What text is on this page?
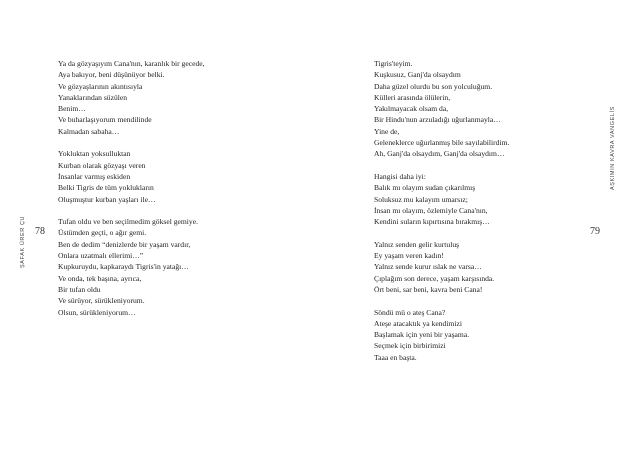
ŞAFAK ÜRER ÇU 78
Ya da gözyaşıyım Cana'nın, karanlık bir gecede,
Aya bakıyor, beni düşünüyor belki.
Ve gözyaşlarının akıntısıyla
Yanaklarından süzülen
Benim…
Ve buharlaşıyorum mendilinde
Kalmadan sabaha…
Yokluktan yoksulluktan
Kurban olarak gözyaşı veren
İnsanlar varmış eskiden
Belki Tigris de tüm yoklukların
Oluşmuştur kurban yaşları ile…
Tufan oldu ve ben seçilmedim göksel gemiye.
Üstümden geçti, o ağır gemi.
Ben de dedim “denizlerde bir yaşam vardır,
Onlara uzatmalı ellerimi…”
Kupkuruydu, kapkaraydı Tigris'in yatağı…
Ve onda, tek başına, ayrıca,
Bir tufan oldu
Ve sürüyor, sürükleniyorum.
Olsun, sürükleniyorum…
AŞKIMIN KAVRA VANGELİS
79
Tigris'teyim.
Kuşkusuz, Ganj'da olsaydım
Daha güzel olurdu bu son yolculuğum.
Külleri arasında ölülerin,
Yakılmayacak olsam da,
Bir Hindu'nun arzuladığı uğurlanmayla…
Yine de,
Geleneklerce uğurlanmış bile sayılabilirdim.
Ah, Ganj'da olsaydım, Ganj'da olsaydım…
Hangisi daha iyi:
Balık mı olayım sudan çıkarılmış
Soluksuz mu kalayım umarsız;
İnsan mı olayım, özlemiyle Cana'nın,
Kendini suların kıpırtısına bırakmış…
Yalnız senden gelir kurtuluş
Ey yaşam veren kadın!
Yalnız sende kurur ıslak ne varsa…
Çıplağım son derece, yaşam karşısında.
Ört beni, sar beni, kavra beni Cana!
Söndü mü o ateş Cana?
Ateşe atacaktık ya kendimizi
Başlamak için yeni bir yaşama.
Seçmek için birbirimizi
Taaa en başta.
